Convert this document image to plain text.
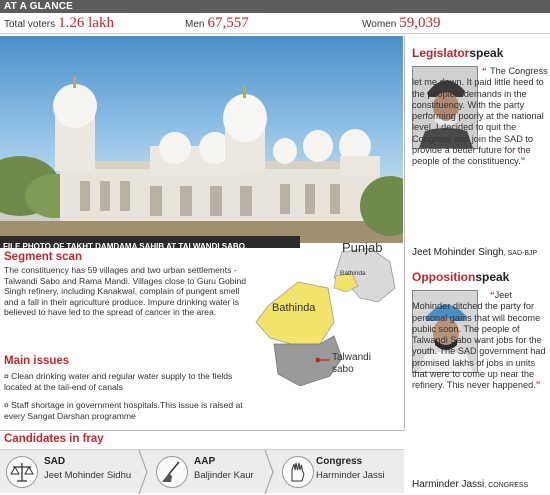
AT A GLANCE
Total voters 1.26 lakh	Men 67,557	Women 59,039
FILE PHOTO OF TAKHT DAMDAMA SAHIB AT TALWANDI SABO.
Segment scan
The constituency has 59 villages and two urban settlements - Talwandi Sabo and Rama Mandi. Villages close to Guru Gobind Singh refinery, including Kanakwal, complain of pungent smell and a fall in their agriculture produce. Impure drinking water is believed to have led to the spread of cancer in the area.
Punjab
Bathinda
Bathinda
Talwandi sabo
Main issues
¤ Clean drinking water and regular water supply to the fields located at the tail-end of canals
¤ Staff shortage in government hospitals.This issue is raised at every Sangat Darshan programme
Candidates in fray
SAD
Jeet Mohinder Sidhu
AAP
Baljinder Kaur
Congress
Harminder Jassi
Legislatorspeak
“ The Congress let me down. It paid little heed to the people's demands in the constituency. With the party performing poorly at the national level, I decided to quit the Congress and join the SAD to provide a better future for the people of the constituency.”
Jeet Mohinder Singh, SAD-BJP
Oppositionspeak
“Jeet Mohinder ditched the party for personal gains that will become public soon. The people of Talwandi Sabo want jobs for the youth. The SAD government had promised lakhs of jobs in units that were to come up near the refinery. This never happened.”
Harminder Jassi, CONGRESS
